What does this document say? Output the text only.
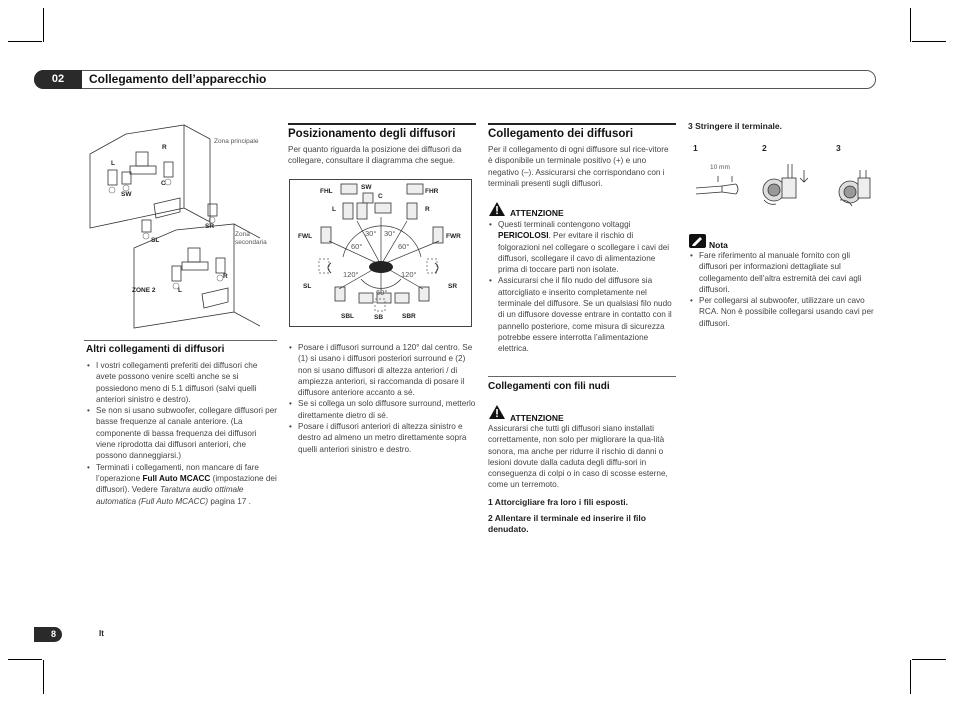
02	Collegamento dell’apparecchio
Zona principale
Zona
secondaria
L
R
C
SW
SL
SR
R
L
ZONE 2
Altri collegamenti di diffusori
• I vostri collegamenti preferiti dei diffusori che avete possono venire scelti anche se si possiedono meno di 5.1 diffusori (salvi quelli anteriori sinistro e destro).
• Se non si usano subwoofer, collegare diffusori per basse frequenze al canale anteriore. (La componente di bassa frequenza dei diffusori viene riprodotta dai diffusori anteriori, che possono danneggiarsi.)
• Terminati i collegamenti, non mancare di fare l’operazione Full Auto MCACC (impostazione dei diffusori). Vedere Taratura audio ottimale automatica (Full Auto MCACC) pagina 17 .
Posizionamento degli diffusori
Per quanto riguarda la posizione dei diffusori da collegare, consultare il diagramma che segue.
FHL
SW
FHR
L
C
R
FWL	FWR
SL	SR
SBL	SB	SBR
30° 30°
60°	60°
120°	120°
60°
• Posare i diffusori surround a 120° dal centro. Se (1) si usano i diffusori posteriori surround e (2) non si usano diffusori di altezza anteriori / di ampiezza anteriori, si raccomanda di posare il diffusore anteriore accanto a sé.
• Se si collega un solo diffusore surround, metterlo direttamente dietro di sé.
• Posare i diffusori anteriori di altezza sinistro e destro ad almeno un metro direttamente sopra quelli anteriori sinistro e destro.
Collegamento dei diffusori
Per il collegamento di ogni diffusore sul rice-vitore è disponibile un terminale positivo (+) e uno negativo (–). Assicurarsi che corrispondano con i terminali presenti sugli diffusori.
ATTENZIONE
• Questi terminali contengono voltaggi PERICOLOSI. Per evitare il rischio di folgorazioni nel collegare o scollegare i cavi dei diffusori, scollegare il cavo di alimentazione prima di toccare parti non isolate.
• Assicurarsi che il filo nudo del diffusore sia attorcigliato e inserito completamente nel terminale del diffusore. Se un qualsiasi filo nudo di un diffusore dovesse entrare in contatto con il pannello posteriore, come misura di sicurezza potrebbe essere interrotta l’alimentazione elettrica.
Collegamenti con fili nudi
ATTENZIONE
Assicurarsi che tutti gli diffusori siano installati correttamente, non solo per migliorare la qua-lità sonora, ma anche per ridurre il rischio di danni o lesioni dovute dalla caduta degli diffu-sori in conseguenza di colpi o in caso di scosse esterne, come un terremoto.
1 Attorcigliare fra loro i fili esposti.
2 Allentare il terminale ed inserire il filo denudato.
3 Stringere il terminale.
1	2	3
10 mm
Nota
• Fare riferimento al manuale fornito con gli diffusori per informazioni dettagliate sul collegamento dell’altra estremità dei cavi agli diffusori.
• Per collegarsi al subwoofer, utilizzare un cavo RCA. Non è possibile collegarsi usando cavi per diffusori.
8	It
